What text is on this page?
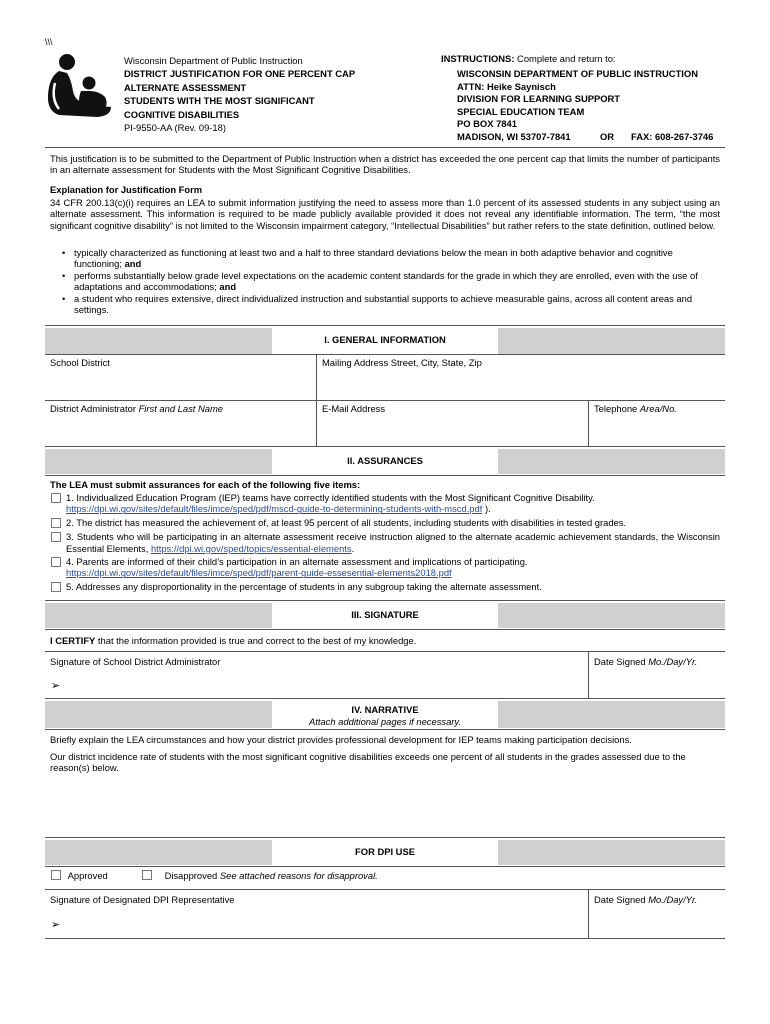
\\\
Wisconsin Department of Public Instruction
DISTRICT JUSTIFICATION FOR ONE PERCENT CAP
ALTERNATE ASSESSMENT
STUDENTS WITH THE MOST SIGNIFICANT
COGNITIVE DISABILITIES
PI-9550-AA (Rev. 09-18)
INSTRUCTIONS: Complete and return to:
WISCONSIN DEPARTMENT OF PUBLIC INSTRUCTION
ATTN: Heike Saynisch
DIVISION FOR LEARNING SUPPORT
SPECIAL EDUCATION TEAM
PO BOX 7841
MADISON, WI 53707-7841	OR FAX: 608-267-3746
This justification is to be submitted to the Department of Public Instruction when a district has exceeded the one percent cap that limits the number of participants in an alternate assessment for Students with the Most Significant Cognitive Disabilities.
Explanation for Justification Form
34 CFR 200.13(c)(i) requires an LEA to submit information justifying the need to assess more than 1.0 percent of its assessed students in any subject using an alternate assessment. This information is required to be made publicly available provided it does not reveal any identifiable information. The term, “the most significant cognitive disability” is not limited to the Wisconsin impairment category, “Intellectual Disabilities” but rather refers to the state definition, outlined below.
• typically characterized as functioning at least two and a half to three standard deviations below the mean in both adaptive behavior and cognitive functioning; and
• performs substantially below grade level expectations on the academic content standards for the grade in which they are enrolled, even with the use of adaptations and accommodations; and
• a student who requires extensive, direct individualized instruction and substantial supports to achieve measurable gains, across all content areas and settings.
I. GENERAL INFORMATION
School District	Mailing Address Street, City, State, Zip
District Administrator First and Last Name	E-Mail Address	Telephone Area/No.
II. ASSURANCES
The LEA must submit assurances for each of the following five items:
1. Individualized Education Program (IEP) teams have correctly identified students with the Most Significant Cognitive Disability.
https://dpi.wi.gov/sites/default/files/imce/sped/pdf/mscd-guide-to-determining-students-with-mscd.pdf ).
2. The district has measured the achievement of, at least 95 percent of all students, including students with disabilities in tested grades.
3. Students who will be participating in an alternate assessment receive instruction aligned to the alternate academic achievement standards, the Wisconsin Essential Elements, https://dpi.wi.gov/sped/topics/essential-elements.
4. Parents are informed of their child’s participation in an alternate assessment and implications of participating.
https://dpi.wi.gov/sites/default/files/imce/sped/pdf/parent-guide-essesential-elements2018.pdf
5. Addresses any disproportionality in the percentage of students in any subgroup taking the alternate assessment.
III. SIGNATURE
I CERTIFY that the information provided is true and correct to the best of my knowledge.
Signature of School District Administrator	Date Signed Mo./Day/Yr.
➢
IV. NARRATIVE
Attach additional pages if necessary.
Briefly explain the LEA circumstances and how your district provides professional development for IEP teams making participation decisions.
Our district incidence rate of students with the most significant cognitive disabilities exceeds one percent of all students in the grades assessed due to the reason(s) below.
FOR DPI USE
Approved	Disapproved See attached reasons for disapproval.
Signature of Designated DPI Representative	Date Signed Mo./Day/Yr.
➢
